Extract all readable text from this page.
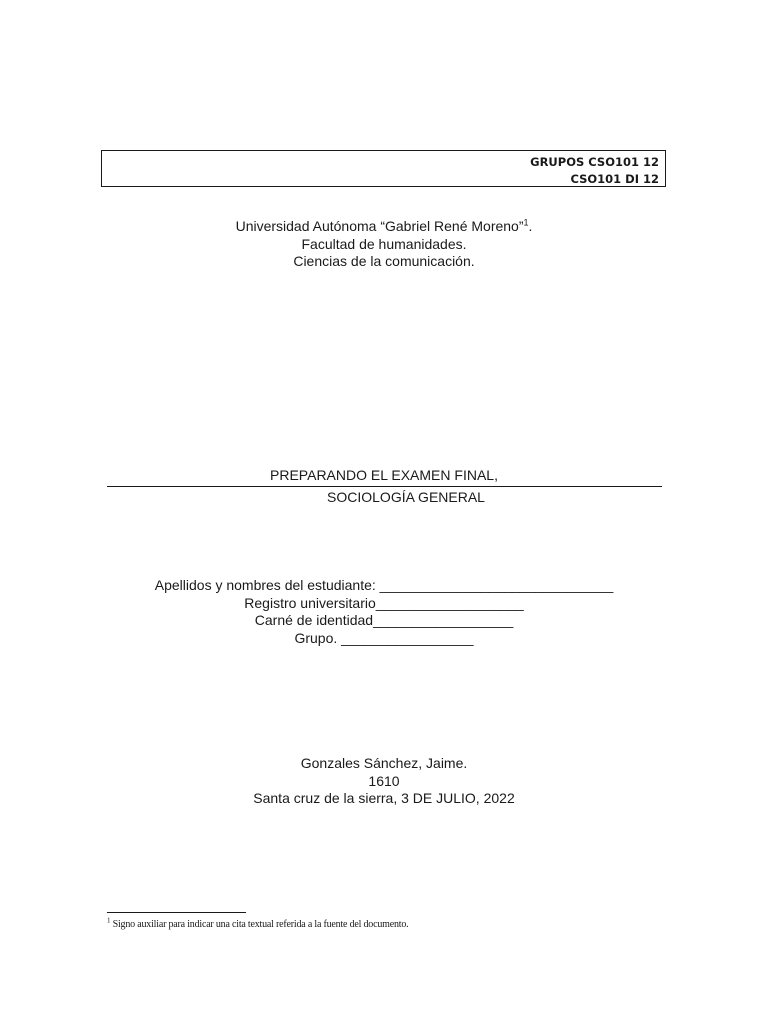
GRUPOS CSO101 12
CSO101 DI 12
Universidad Autónoma “Gabriel René Moreno”$^1$.
Facultad de humanidades.
Ciencias de la comunicación.
PREPARANDO EL EXAMEN FINAL,
SOCIOLOGÍA GENERAL
Apellidos y nombres del estudiante: ______________________________
Registro universitario___________________
Carné de identidad__________________
Grupo. _________________
Gonzales Sánchez, Jaime.
1610
Santa cruz de la sierra, 3 DE JULIO, 2022
$^1$ Signo auxiliar para indicar una cita textual referida a la fuente del documento.
